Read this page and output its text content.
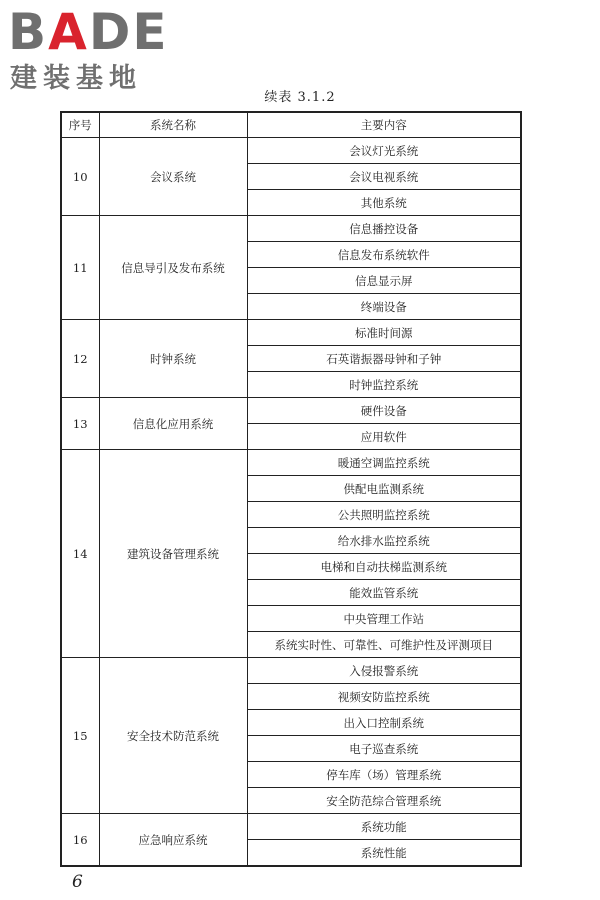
BADE
建装基地
续表 3.1.2
序号	系统名称	主要内容
10	会议系统	会议灯光系统
		会议电视系统
		其他系统
11	信息导引及发布系统	信息播控设备
		信息发布系统软件
		信息显示屏
		终端设备
12	时钟系统	标准时间源
		石英谐振器母钟和子钟
		时钟监控系统
13	信息化应用系统	硬件设备
		应用软件
14	建筑设备管理系统	暖通空调监控系统
		供配电监测系统
		公共照明监控系统
		给水排水监控系统
		电梯和自动扶梯监测系统
		能效监管系统
		中央管理工作站
		系统实时性、可靠性、可维护性及评测项目
15	安全技术防范系统	入侵报警系统
		视频安防监控系统
		出入口控制系统
		电子巡查系统
		停车库（场）管理系统
		安全防范综合管理系统
16	应急响应系统	系统功能
		系统性能
6
